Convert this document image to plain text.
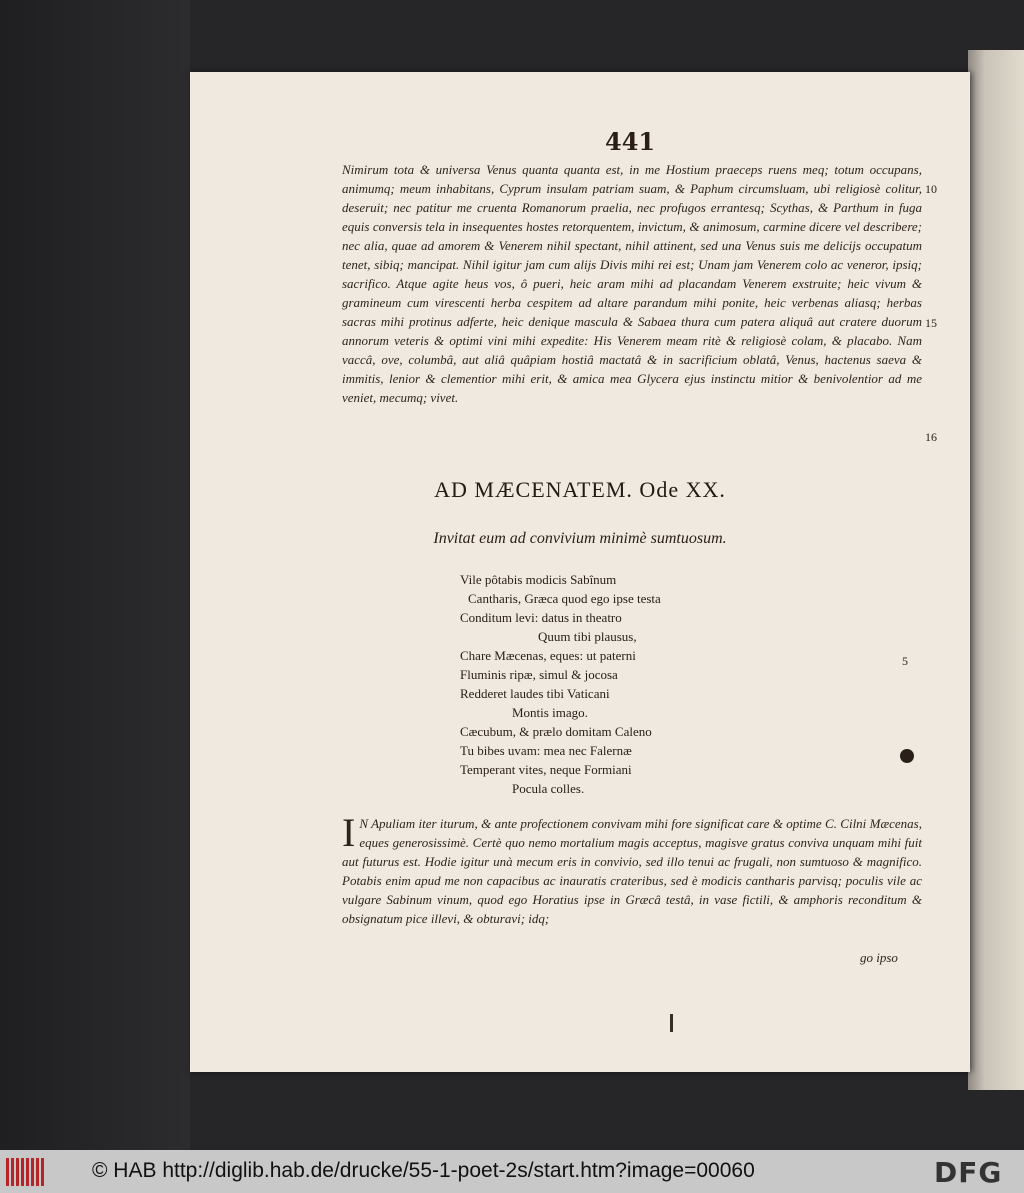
441

Nimirum tota & universa Venus quanta quanta est, in me Hostium praeceps ruens meq; totum occupans, animumq; meum inhabitans, Cyprum insulam patriam suam, & Paphum circumsluam, ubi religiosè colitur, deseruit; nec patitur me cruenta Romanorum praelia, nec profugos errantesq; Scythas, & Parthum in fuga equis conversis tela in insequentes hostes retorquentem, invictum, & animosum, carmine dicere vel describere; nec alia, quae ad amorem & Venerem nihil spectant, nihil attinent, sed una Venus suis me delicijs occupatum tenet, sibiq; mancipat. Nihil igitur jam cum alijs Divis mihi rei est; Unam jam Venerem colo ac veneror, ipsiq; sacrifico. Atque agite heus vos, ô pueri, heic aram mihi ad placandam Venerem exstruite; heic vivum & gramineum cum virescenti herba cespitem ad altare parandum mihi ponite, heic verbenas aliasq; herbas sacras mihi protinus adferte, heic denique mascula & Sabaea thura cum patera aliquâ aut cratere duorum annorum veteris & optimi vini mihi expedite: His Venerem meam ritè & religiosè colam, & placabo. Nam vaccâ, ove, columbâ, aut aliâ quâpiam hostiâ mactatâ & in sacrificium oblatâ, Venus, hactenus saeva & immitis, lenior & clementior mihi erit, & amica mea Glycera ejus instinctu mitior & benivolentior ad me veniet, mecumq; vivet.

10
15
16
AD MÆCENATEM. Ode XX.
Invitat eum ad convivium minimè sumtuosum.
Vile pôtabis modicis Sabînum
Cantharis, Græca quod ego ipse testa
Conditum levi: datus in theatro
Quum tibi plausus,
Chare Mæcenas, eques: ut paterni
Fluminis ripæ, simul & jocosa
Redderet laudes tibi Vaticani
Montis imago.
Cæcubum, & prælo domitam Caleno
Tu bibes uvam: mea nec Falernæ
Temperant vites, neque Formiani
Pocula colles.
5

I N Apuliam iter iturum, & ante profectionem convivam mihi fore significat care & optime C. Cilni Mæcenas, eques generosissimè. Certè quo nemo mortalium magis acceptus, magisve gratus conviva unquam mihi fuit aut futurus est. Hodie igitur unà mecum eris in convivio, sed illo tenui ac frugali, non sumtuoso & magnifico. Potabis enim apud me non capacibus ac inauratis crateribus, sed è modicis cantharis parvisq; poculis vile ac vulgare Sabinum vinum, quod ego Horatius ipse in Græcâ testâ, in vase fictili, & amphoris reconditum & obsignatum pice illevi, & obturavi; idq;

go ipso
© HAB http://diglib.hab.de/drucke/55-1-poet-2s/start.htm?image=00060	DFG
